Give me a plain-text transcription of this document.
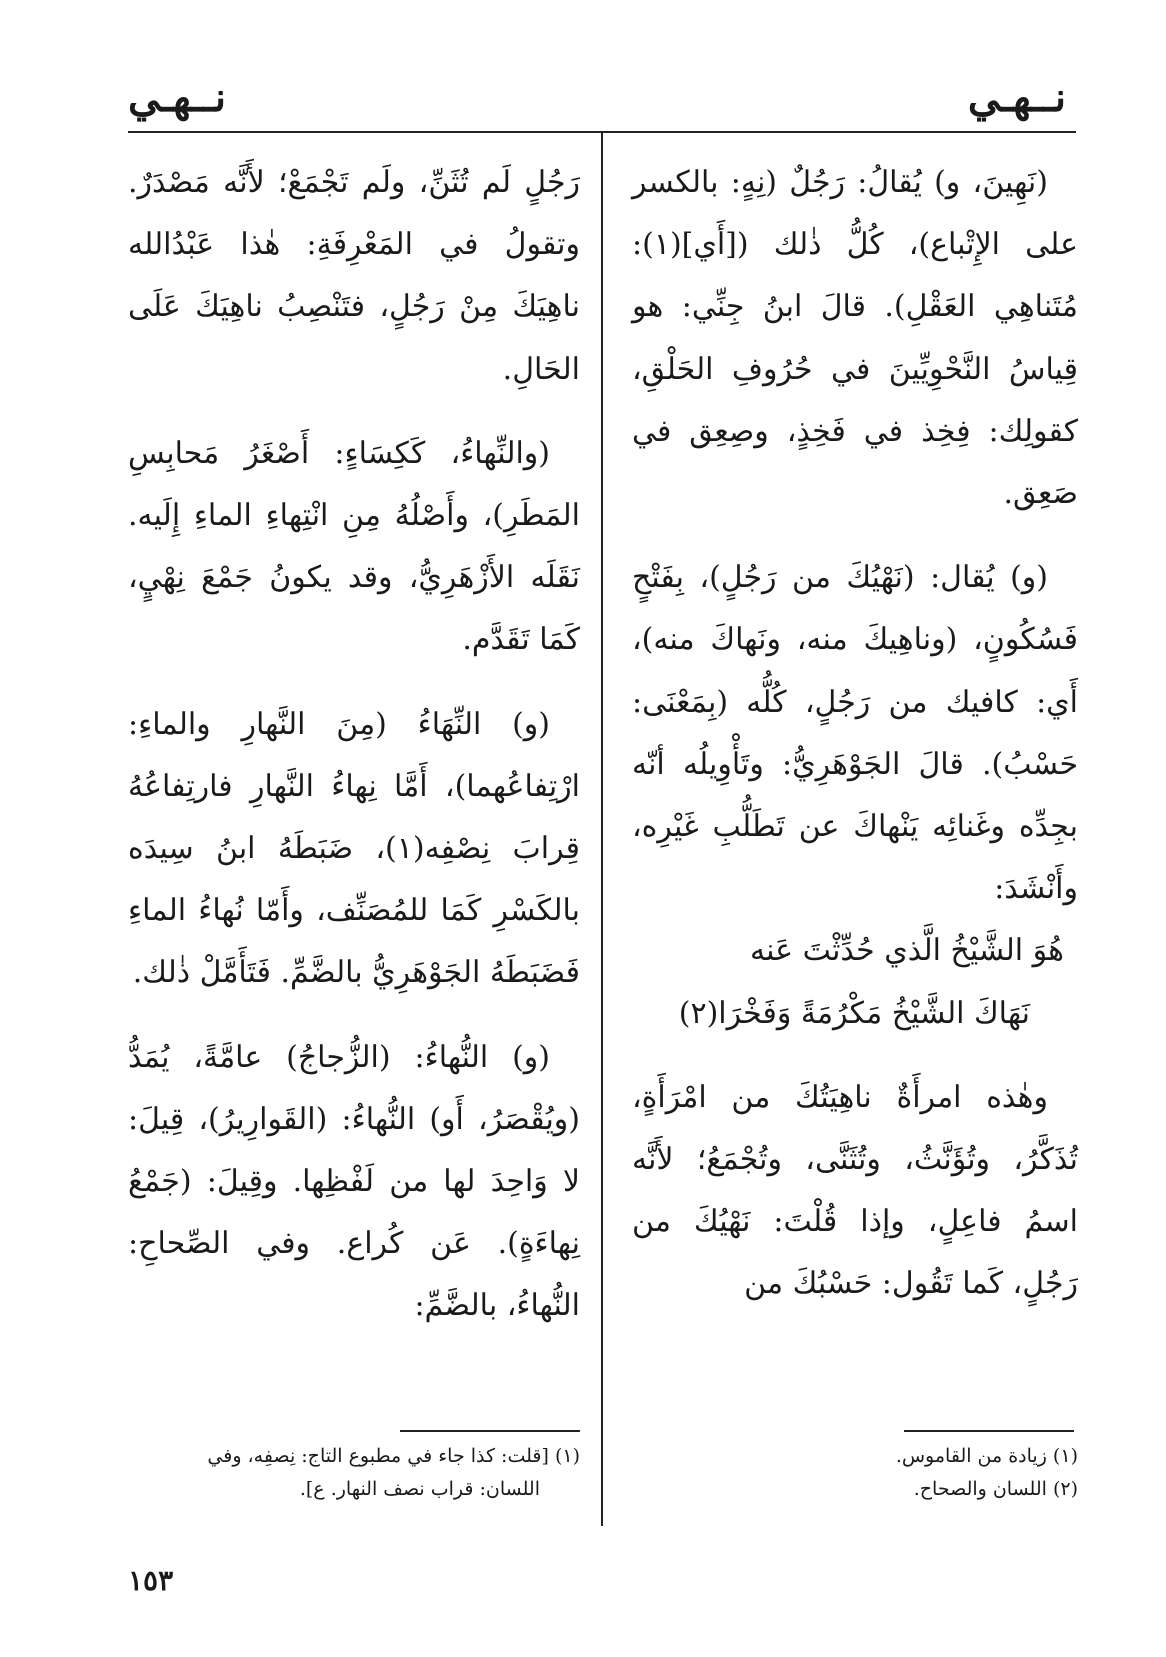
نــهـي
نــهـي

(نَهِينَ، و) يُقالُ: رَجُلٌ (نِهٍ: بالكسر على الإِتْباع)، كُلُّ ذٰلك ([أَي](١): مُتَناهِي العَقْلِ). قالَ ابنُ جِنِّي: هو قِياسُ النَّحْوِيِّينَ في حُرُوفِ الحَلْقِ، كقولِك: فِخِذ في فَخِذٍ، وصِعِق في صَعِق.

(و) يُقال: (نَهْيُكَ من رَجُلٍ)، بِفَتْحٍ فَسُكُونٍ، (وناهِيكَ منه، ونَهاكَ منه)، أَي: كافيك من رَجُلٍ، كُلُّه (بِمَعْنَى: حَسْبُ). قالَ الجَوْهَرِيُّ: وتَأْوِيلُه أنّه بجِدِّه وغَنائِه يَنْهاكَ عن تَطَلُّبِ غَيْرِه، وأَنْشَدَ:

هُوَ الشَّيْخُ الَّذي حُدِّثْتَ عَنه

نَهَاكَ الشَّيْخُ مَكْرُمَةً وَفَخْرَا(٢)

وهٰذه امرأَةٌ ناهِيَتُكَ من امْرَأَةٍ، تُذَكَّرُ، وتُؤَنَّثُ، وتُثَنَّى، وتُجْمَعُ؛ لأَنَّه اسمُ فاعِلٍ، وإذا قُلْتَ: نَهْيُكَ من رَجُلٍ، كَما تَقُول: حَسْبُكَ من

رَجُلٍ لَم تُثَنِّ، ولَم تَجْمَعْ؛ لأَنَّه مَصْدَرٌ. وتقولُ في المَعْرِفَةِ: هٰذا عَبْدُالله ناهِيَكَ مِنْ رَجُلٍ، فتَنْصِبُ ناهِيَكَ عَلَى الحَالِ.

(والنِّهاءُ، كَكِسَاءٍ: أَصْغَرُ مَحابِسِ المَطَرِ)، وأَصْلُهُ مِنِ انْتِهاءِ الماءِ إِلَيه. نَقَلَه الأَزْهَرِيُّ، وقد يكونُ جَمْعَ نِهْيٍ، كَمَا تَقَدَّم.

(و) النِّهَاءُ (مِنَ النَّهارِ والماءِ: ارْتِفاعُهما)، أَمَّا نِهاءُ النَّهارِ فارتِفاعُهُ قِرابَ نِصْفِه(١)، ضَبَطَهُ ابنُ سِيدَه بالكَسْرِ كَمَا للمُصَنِّف، وأَمّا نُهاءُ الماءِ فَضَبَطَهُ الجَوْهَرِيُّ بالضَّمِّ. فَتَأَمَّلْ ذٰلك.

(و) النُّهاءُ: (الزُّجاجُ) عامَّةً، يُمَدُّ (ويُقْصَرُ، أَو) النُّهاءُ: (القَوارِيرُ)، قِيلَ: لا وَاحِدَ لها من لَفْظِها. وقِيلَ: (جَمْعُ نِهاءَةٍ). عَن كُراع. وفي الصِّحاحِ: النُّهاءُ، بالضَّمِّ:

(١) زيادة من القاموس.

(٢) اللسان والصحاح.

(١) [قلت: كذا جاء في مطبوع التاج: نِصفِه، وفي

اللسان: قراب نصف النهار. ع].

١٥٣
